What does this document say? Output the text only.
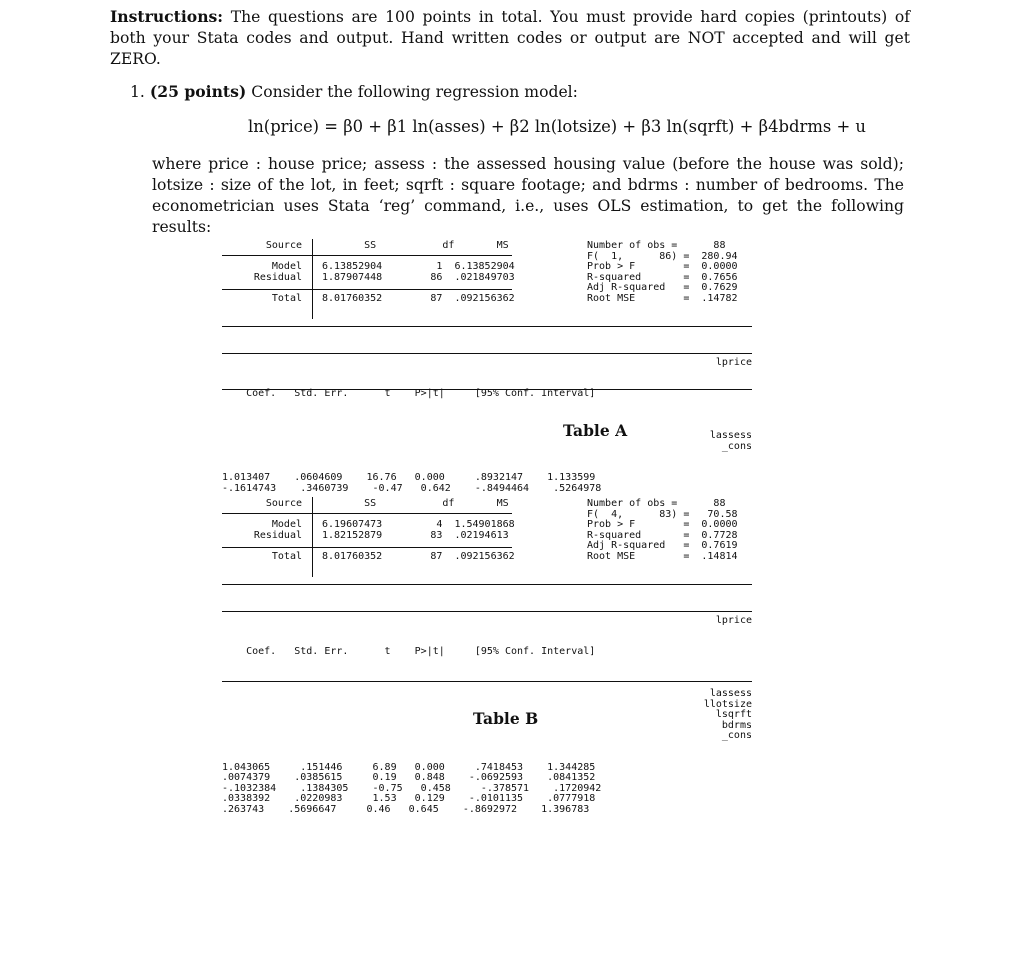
Instructions: The questions are 100 points in total. You must provide hard copies (printouts) of both your Stata codes and output. Hand written codes or output are NOT accepted and will get ZERO.

1. (25 points) Consider the following regression model:

ln(price) = β0 + β1 ln(asses) + β2 ln(lotsize) + β3 ln(sqrft) + β4bdrms + u

where price : house price; assess : the assessed housing value (before the house was sold); lotsize : size of the lot, in feet; sqrft : square footage; and bdrms : number of bedrooms. The econometrician uses Stata ‘reg’ command, i.e., uses OLS estimation, to get the following results:

Source

Model
Residual

Total

SS           df       MS

6.13852904         1  6.13852904
1.87907448        86  .021849703

8.01760352        87  .092156362

Number of obs =      88
F(  1,      86) =  280.94
Prob > F        =  0.0000
R-squared       =  0.7656
Adj R-squared   =  0.7629
Root MSE        =  .14782

lprice

Coef.   Std. Err.      t    P>|t|     [95% Conf. Interval]

lassess
_cons

1.013407    .0604609    16.76   0.000     .8932147    1.133599
-.1614743    .3460739    -0.47   0.642    -.8494464    .5264978

Table A

Source

Model
Residual

Total

SS           df       MS

6.19607473         4  1.54901868
1.82152879        83  .02194613

8.01760352        87  .092156362

Number of obs =      88
F(  4,      83) =   70.58
Prob > F        =  0.0000
R-squared       =  0.7728
Adj R-squared   =  0.7619
Root MSE        =  .14814

lprice

Coef.   Std. Err.      t    P>|t|     [95% Conf. Interval]

lassess
llotsize
lsqrft
bdrms
_cons

1.043065     .151446     6.89   0.000     .7418453    1.344285
.0074379    .0385615     0.19   0.848    -.0692593    .0841352
-.1032384    .1384305    -0.75   0.458     -.378571    .1720942
.0338392    .0220983     1.53   0.129    -.0101135    .0777918
.263743    .5696647     0.46   0.645    -.8692972    1.396783

Table B
